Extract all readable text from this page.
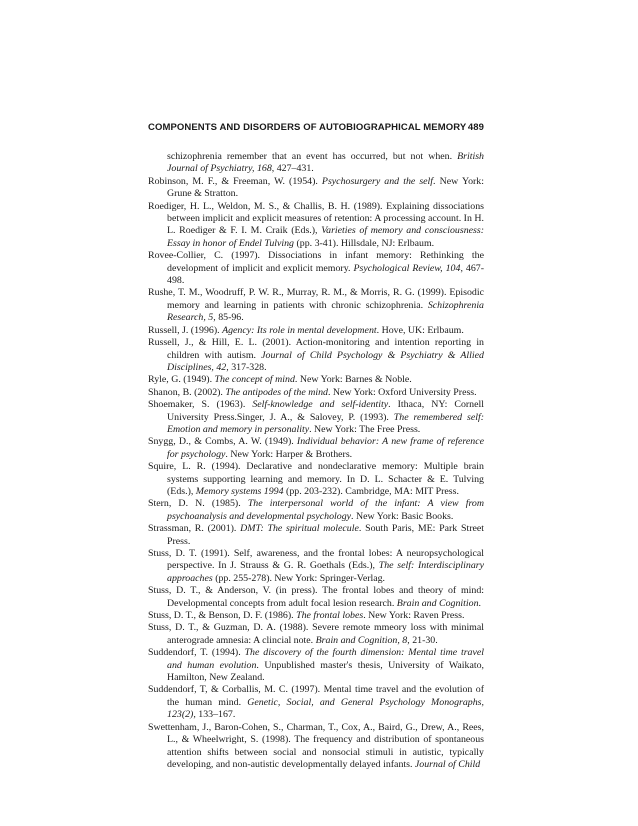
COMPONENTS AND DISORDERS OF AUTOBIOGRAPHICAL MEMORY 489

schizophrenia remember that an event has occurred, but not when. British Journal of Psychiatry, 168, 427–431.

Robinson, M. F., & Freeman, W. (1954). Psychosurgery and the self. New York: Grune & Stratton.

Roediger, H. L., Weldon, M. S., & Challis, B. H. (1989). Explaining dissociations between implicit and explicit measures of retention: A processing account. In H. L. Roediger & F. I. M. Craik (Eds.), Varieties of memory and consciousness: Essay in honor of Endel Tulving (pp. 3-41). Hillsdale, NJ: Erlbaum.

Rovee-Collier, C. (1997). Dissociations in infant memory: Rethinking the development of implicit and explicit memory. Psychological Review, 104, 467-498.

Rushe, T. M., Woodruff, P. W. R., Murray, R. M., & Morris, R. G. (1999). Episodic memory and learning in patients with chronic schizophrenia. Schizophrenia Research, 5, 85-96.

Russell, J. (1996). Agency: Its role in mental development. Hove, UK: Erlbaum.

Russell, J., & Hill, E. L. (2001). Action-monitoring and intention reporting in children with autism. Journal of Child Psychology & Psychiatry & Allied Disciplines, 42, 317-328.

Ryle, G. (1949). The concept of mind. New York: Barnes & Noble.

Shanon, B. (2002). The antipodes of the mind. New York: Oxford University Press.

Shoemaker, S. (1963). Self-knowledge and self-identity. Ithaca, NY: Cornell University Press.Singer, J. A., & Salovey, P. (1993). The remembered self: Emotion and memory in personality. New York: The Free Press.

Snygg, D., & Combs, A. W. (1949). Individual behavior: A new frame of reference for psychology. New York: Harper & Brothers.

Squire, L. R. (1994). Declarative and nondeclarative memory: Multiple brain systems supporting learning and memory. In D. L. Schacter & E. Tulving (Eds.), Memory systems 1994 (pp. 203-232). Cambridge, MA: MIT Press.

Stern, D. N. (1985). The interpersonal world of the infant: A view from psychoanalysis and developmental psychology. New York: Basic Books.

Strassman, R. (2001). DMT: The spiritual molecule. South Paris, ME: Park Street Press.

Stuss, D. T. (1991). Self, awareness, and the frontal lobes: A neuropsychological perspective. In J. Strauss & G. R. Goethals (Eds.), The self: Interdisciplinary approaches (pp. 255-278). New York: Springer-Verlag.

Stuss, D. T., & Anderson, V. (in press). The frontal lobes and theory of mind: Developmental concepts from adult focal lesion research. Brain and Cognition.

Stuss, D. T., & Benson, D. F. (1986). The frontal lobes. New York: Raven Press.

Stuss, D. T., & Guzman, D. A. (1988). Severe remote mmeory loss with minimal anterograde amnesia: A clincial note. Brain and Cognition, 8, 21-30.

Suddendorf, T. (1994). The discovery of the fourth dimension: Mental time travel and human evolution. Unpublished master's thesis, University of Waikato, Hamilton, New Zealand.

Suddendorf, T, & Corballis, M. C. (1997). Mental time travel and the evolution of the human mind. Genetic, Social, and General Psychology Monographs, 123(2), 133–167.

Swettenham, J., Baron-Cohen, S., Charman, T., Cox, A., Baird, G., Drew, A., Rees, L., & Wheelwright, S. (1998). The frequency and distribution of spontaneous attention shifts between social and nonsocial stimuli in autistic, typically developing, and non-autistic developmentally delayed infants. Journal of Child
